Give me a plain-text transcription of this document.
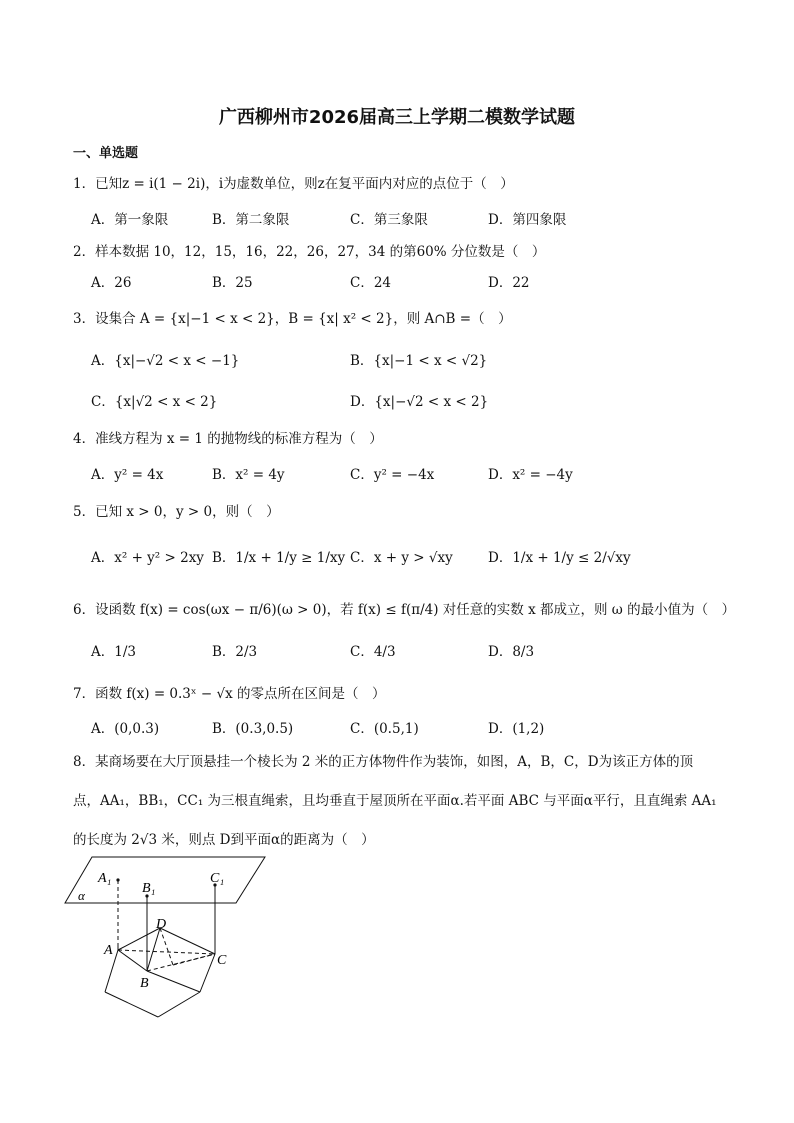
广西柳州市2026届高三上学期二模数学试题
一、单选题
1．已知z = i(1 − 2i)，i为虚数单位，则z在复平面内对应的点位于（　）
A．第一象限	B．第二象限	C．第三象限	D．第四象限
2．样本数据 10，12，15，16，22，26，27，34 的第60% 分位数是（　）
A．26	B．25	C．24	D．22
3．设集合 A = {x|−1 < x < 2}，B = {x| x² < 2}，则 A∩B =（　）
A．{x|−√2 < x < −1}	B．{x|−1 < x < √2}
C．{x|√2 < x < 2}	D．{x|−√2 < x < 2}
4．准线方程为 x = 1 的抛物线的标准方程为（　）
A．y² = 4x	B．x² = 4y	C．y² = −4x	D．x² = −4y
5．已知 x > 0，y > 0，则（　）
A．x² + y² > 2xy B．1/x + 1/y ≥ 1/xy C．x + y > √xy	D．1/x + 1/y ≤ 2/√xy
6．设函数 f(x) = cos(ωx − π/6)(ω > 0)，若 f(x) ≤ f(π/4) 对任意的实数 x 都成立，则 ω 的最小值为（　）
A．1/3	B．2/3	C．4/3	D．8/3
7．函数 f(x) = 0.3ˣ − √x 的零点所在区间是（　）
A．(0,0.3)	B．(0.3,0.5)	C．(0.5,1)	D．(1,2)
8．某商场要在大厅顶悬挂一个棱长为 2 米的正方体物件作为装饰，如图，A，B，C，D为该正方体的顶
点，AA₁，BB₁，CC₁ 为三根直绳索，且均垂直于屋顶所在平面α.若平面 ABC 与平面α平行，且直绳索 AA₁
的长度为 2√3 米，则点 D到平面α的距离为（　）
A₁
B₁
C₁
α
A
B
C
D
